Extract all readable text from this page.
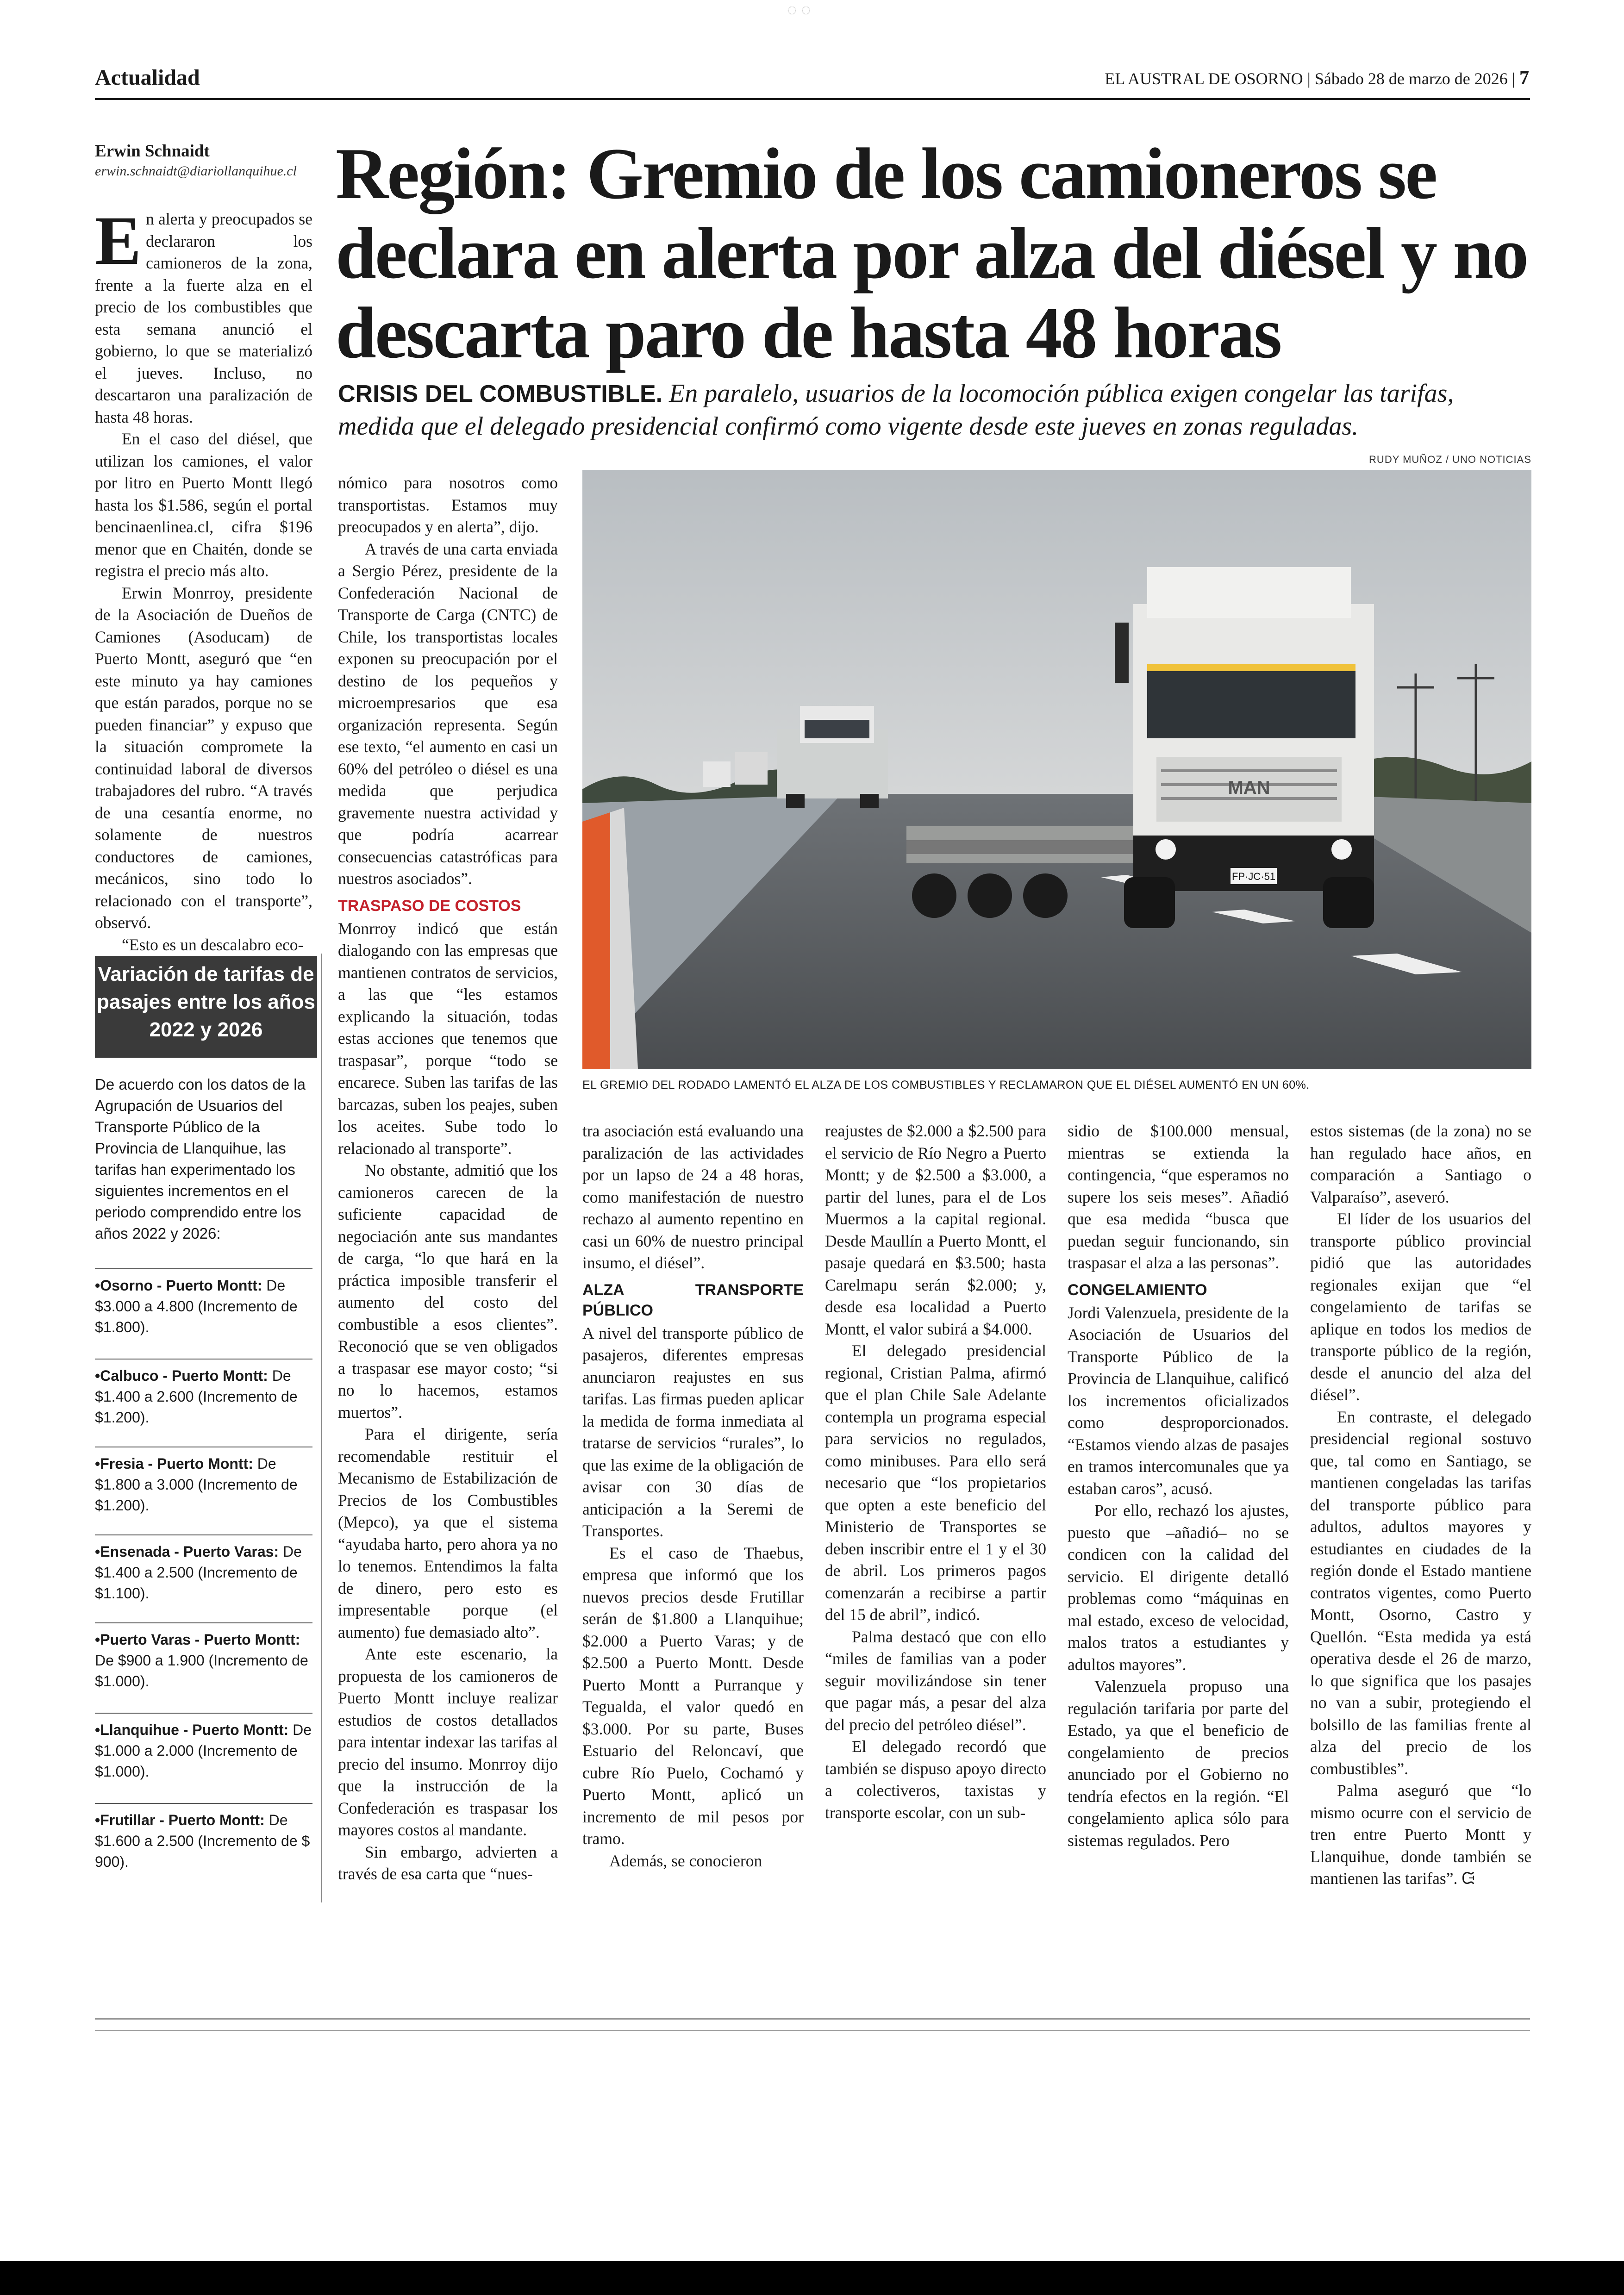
◌ ◌
Actualidad	EL AUSTRAL DE OSORNO | Sábado 28 de marzo de 2026 | 7
Erwin Schnaidt
erwin.schnaidt@diariollanquihue.cl Región: Gremio de los camioneros se declara en alerta por alza del diésel y no descarta paro de hasta 48 horas
CRISIS DEL COMBUSTIBLE. En paralelo, usuarios de la locomoción pública exigen congelar las tarifas, medida que el delegado presidencial confirmó como vigente desde este jueves en zonas reguladas.
RUDY MUÑOZ / UNO NOTICIAS
MAN
FP·JC·51
EL GREMIO DEL RODADO LAMENTÓ EL ALZA DE LOS COMBUSTIBLES Y RECLAMARON QUE EL DIÉSEL AUMENTÓ EN UN 60%.

En alerta y preocupados se declararon los camioneros de la zona, frente a la fuerte alza en el precio de los combustibles que esta semana anunció el gobierno, lo que se materializó el jueves. Incluso, no descartaron una paralización de hasta 48 horas.

En el caso del diésel, que utilizan los camiones, el valor por litro en Puerto Montt llegó hasta los $1.586, según el portal bencinaenlinea.cl, cifra $196 menor que en Chaitén, donde se registra el precio más alto.

Erwin Monrroy, presidente de la Asociación de Dueños de Camiones (Asoducam) de Puerto Montt, aseguró que “en este minuto ya hay camiones que están parados, porque no se pueden financiar” y expuso que la situación compromete la continuidad laboral de diversos trabajadores del rubro. “A través de una cesantía enorme, no solamente de nuestros conductores de camiones, mecánicos, sino todo lo relacionado con el transporte”, observó.

“Esto es un descalabro eco-

Variación de tarifas de pasajes entre los años 2022 y 2026
De acuerdo con los datos de la Agrupación de Usuarios del Transporte Público de la Provincia de Llanquihue, las tarifas han experimentado los siguientes incrementos en el periodo comprendido entre los años 2022 y 2026:
•Osorno - Puerto Montt: De $3.000 a 4.800 (Incremento de $1.800).
•Calbuco - Puerto Montt: De $1.400 a 2.600 (Incremento de $1.200).
•Fresia - Puerto Montt: De $1.800 a 3.000 (Incremento de $1.200).
•Ensenada - Puerto Varas: De $1.400 a 2.500 (Incremento de $1.100).
•Puerto Varas - Puerto Montt: De $900 a 1.900 (Incremento de $1.000).
•Llanquihue - Puerto Montt: De $1.000 a 2.000 (Incremento de $1.000).
•Frutillar - Puerto Montt: De $1.600 a 2.500 (Incremento de $ 900).

nómico para nosotros como transportistas. Estamos muy preocupados y en alerta”, dijo.

A través de una carta enviada a Sergio Pérez, presidente de la Confederación Nacional de Transporte de Carga (CNTC) de Chile, los transportistas locales exponen su preocupación por el destino de los pequeños y microempresarios que esa organización representa. Según ese texto, “el aumento en casi un 60% del petróleo o diésel es una medida que perjudica gravemente nuestra actividad y que podría acarrear consecuencias catastróficas para nuestros asociados”.

TRASPASO DE COSTOS

Monrroy indicó que están dialogando con las empresas que mantienen contratos de servicios, a las que “les estamos explicando la situación, todas estas acciones que tenemos que traspasar”, porque “todo se encarece. Suben las tarifas de las barcazas, suben los peajes, suben los aceites. Sube todo lo relacionado al transporte”.

No obstante, admitió que los camioneros carecen de la suficiente capacidad de negociación ante sus mandantes de carga, “lo que hará en la práctica imposible transferir el aumento del costo del combustible a esos clientes”. Reconoció que se ven obligados a traspasar ese mayor costo; “si no lo hacemos, estamos muertos”.

Para el dirigente, sería recomendable restituir el Mecanismo de Estabilización de Precios de los Combustibles (Mepco), ya que el sistema “ayudaba harto, pero ahora ya no lo tenemos. Entendimos la falta de dinero, pero esto es impresentable porque (el aumento) fue demasiado alto”.

Ante este escenario, la propuesta de los camioneros de Puerto Montt incluye realizar estudios de costos detallados para intentar indexar las tarifas al precio del insumo. Monrroy dijo que la instrucción de la Confederación es traspasar los mayores costos al mandante.

Sin embargo, advierten a través de esa carta que “nues-

tra asociación está evaluando una paralización de las actividades por un lapso de 24 a 48 horas, como manifestación de nuestro rechazo al aumento repentino en casi un 60% de nuestro principal insumo, el diésel”.

ALZA TRANSPORTE PÚBLICO

A nivel del transporte público de pasajeros, diferentes empresas anunciaron reajustes en sus tarifas. Las firmas pueden aplicar la medida de forma inmediata al tratarse de servicios “rurales”, lo que las exime de la obligación de avisar con 30 días de anticipación a la Seremi de Transportes.

Es el caso de Thaebus, empresa que informó que los nuevos precios desde Frutillar serán de $1.800 a Llanquihue; $2.000 a Puerto Varas; y de $2.500 a Puerto Montt. Desde Puerto Montt a Purranque y Tegualda, el valor quedó en $3.000. Por su parte, Buses Estuario del Reloncaví, que cubre Río Puelo, Cochamó y Puerto Montt, aplicó un incremento de mil pesos por tramo.

Además, se conocieron

reajustes de $2.000 a $2.500 para el servicio de Río Negro a Puerto Montt; y de $2.500 a $3.000, a partir del lunes, para el de Los Muermos a la capital regional. Desde Maullín a Puerto Montt, el pasaje quedará en $3.500; hasta Carelmapu serán $2.000; y, desde esa localidad a Puerto Montt, el valor subirá a $4.000.

El delegado presidencial regional, Cristian Palma, afirmó que el plan Chile Sale Adelante contempla un programa especial para servicios no regulados, como minibuses. Para ello será necesario que “los propietarios que opten a este beneficio del Ministerio de Transportes se deben inscribir entre el 1 y el 30 de abril. Los primeros pagos comenzarán a recibirse a partir del 15 de abril”, indicó.

Palma destacó que con ello “miles de familias van a poder seguir movilizándose sin tener que pagar más, a pesar del alza del precio del petróleo diésel”.

El delegado recordó que también se dispuso apoyo directo a colectiveros, taxistas y transporte escolar, con un sub-

sidio de $100.000 mensual, mientras se extienda la contingencia, “que esperamos no supere los seis meses”. Añadió que esa medida “busca que puedan seguir funcionando, sin traspasar el alza a las personas”.

CONGELAMIENTO

Jordi Valenzuela, presidente de la Asociación de Usuarios del Transporte Público de la Provincia de Llanquihue, calificó los incrementos oficializados como desproporcionados. “Estamos viendo alzas de pasajes en tramos intercomunales que ya estaban caros”, acusó.

Por ello, rechazó los ajustes, puesto que –añadió– no se condicen con la calidad del servicio. El dirigente detalló problemas como “máquinas en mal estado, exceso de velocidad, malos tratos a estudiantes y adultos mayores”.

Valenzuela propuso una regulación tarifaria por parte del Estado, ya que el beneficio de congelamiento de precios anunciado por el Gobierno no tendría efectos en la región. “El congelamiento aplica sólo para sistemas regulados. Pero

estos sistemas (de la zona) no se han regulado hace años, en comparación a Santiago o Valparaíso”, aseveró.

El líder de los usuarios del transporte público provincial pidió que las autoridades regionales exijan que “el congelamiento de tarifas se aplique en todos los medios de transporte público de la región, desde el anuncio del alza del diésel”.

En contraste, el delegado presidencial regional sostuvo que, tal como en Santiago, se mantienen congeladas las tarifas del transporte público para adultos, adultos mayores y estudiantes en ciudades de la región donde el Estado mantiene contratos vigentes, como Puerto Montt, Osorno, Castro y Quellón. “Esta medida ya está operativa desde el 26 de marzo, lo que significa que los pasajes no van a subir, protegiendo el bolsillo de las familias frente al alza del precio de los combustibles”.

Palma aseguró que “lo mismo ocurre con el servicio de tren entre Puerto Montt y Llanquihue, donde también se mantienen las tarifas”. ᙍ
